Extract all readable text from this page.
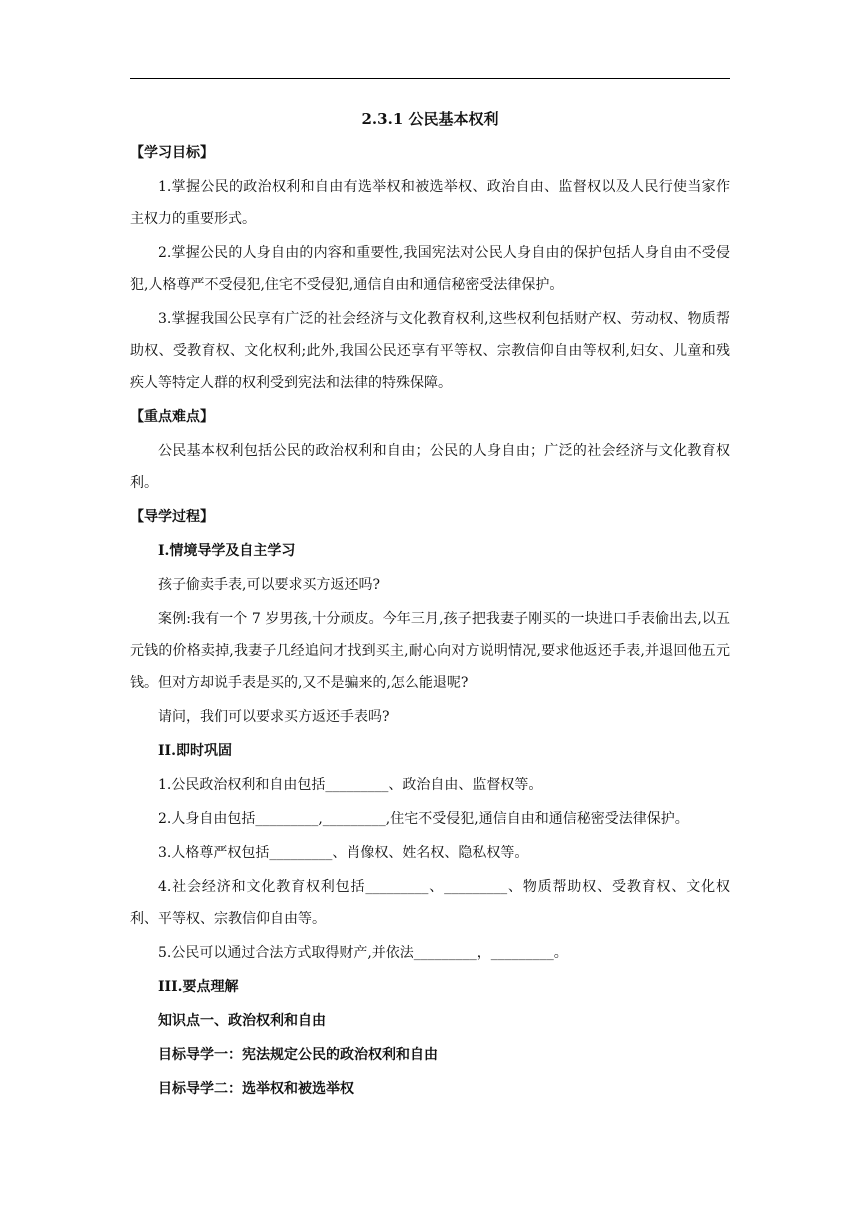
2.3.1 公民基本权利
【学习目标】
1.掌握公民的政治权利和自由有选举权和被选举权、政治自由、监督权以及人民行使当家作主权力的重要形式。
2.掌握公民的人身自由的内容和重要性,我国宪法对公民人身自由的保护包括人身自由不受侵犯,人格尊严不受侵犯,住宅不受侵犯,通信自由和通信秘密受法律保护。
3.掌握我国公民享有广泛的社会经济与文化教育权利,这些权利包括财产权、劳动权、物质帮助权、受教育权、文化权利;此外,我国公民还享有平等权、宗教信仰自由等权利,妇女、儿童和残疾人等特定人群的权利受到宪法和法律的特殊保障。
【重点难点】
公民基本权利包括公民的政治权利和自由；公民的人身自由；广泛的社会经济与文化教育权利。
【导学过程】
I.情境导学及自主学习
孩子偷卖手表,可以要求买方返还吗?
案例:我有一个 7 岁男孩,十分顽皮。今年三月,孩子把我妻子刚买的一块进口手表偷出去,以五元钱的价格卖掉,我妻子几经追问才找到买主,耐心向对方说明情况,要求他返还手表,并退回他五元钱。但对方却说手表是买的,又不是骗来的,怎么能退呢?
请问，我们可以要求买方返还手表吗?
II.即时巩固
1.公民政治权利和自由包括_________、政治自由、监督权等。
2.人身自由包括_________,_________,住宅不受侵犯,通信自由和通信秘密受法律保护。
3.人格尊严权包括_________、肖像权、姓名权、隐私权等。
4.社会经济和文化教育权利包括_________、_________、物质帮助权、受教育权、文化权利、平等权、宗教信仰自由等。
5.公民可以通过合法方式取得财产,并依法_________，_________。
III.要点理解
知识点一、政治权利和自由
目标导学一：宪法规定公民的政治权利和自由
目标导学二：选举权和被选举权
